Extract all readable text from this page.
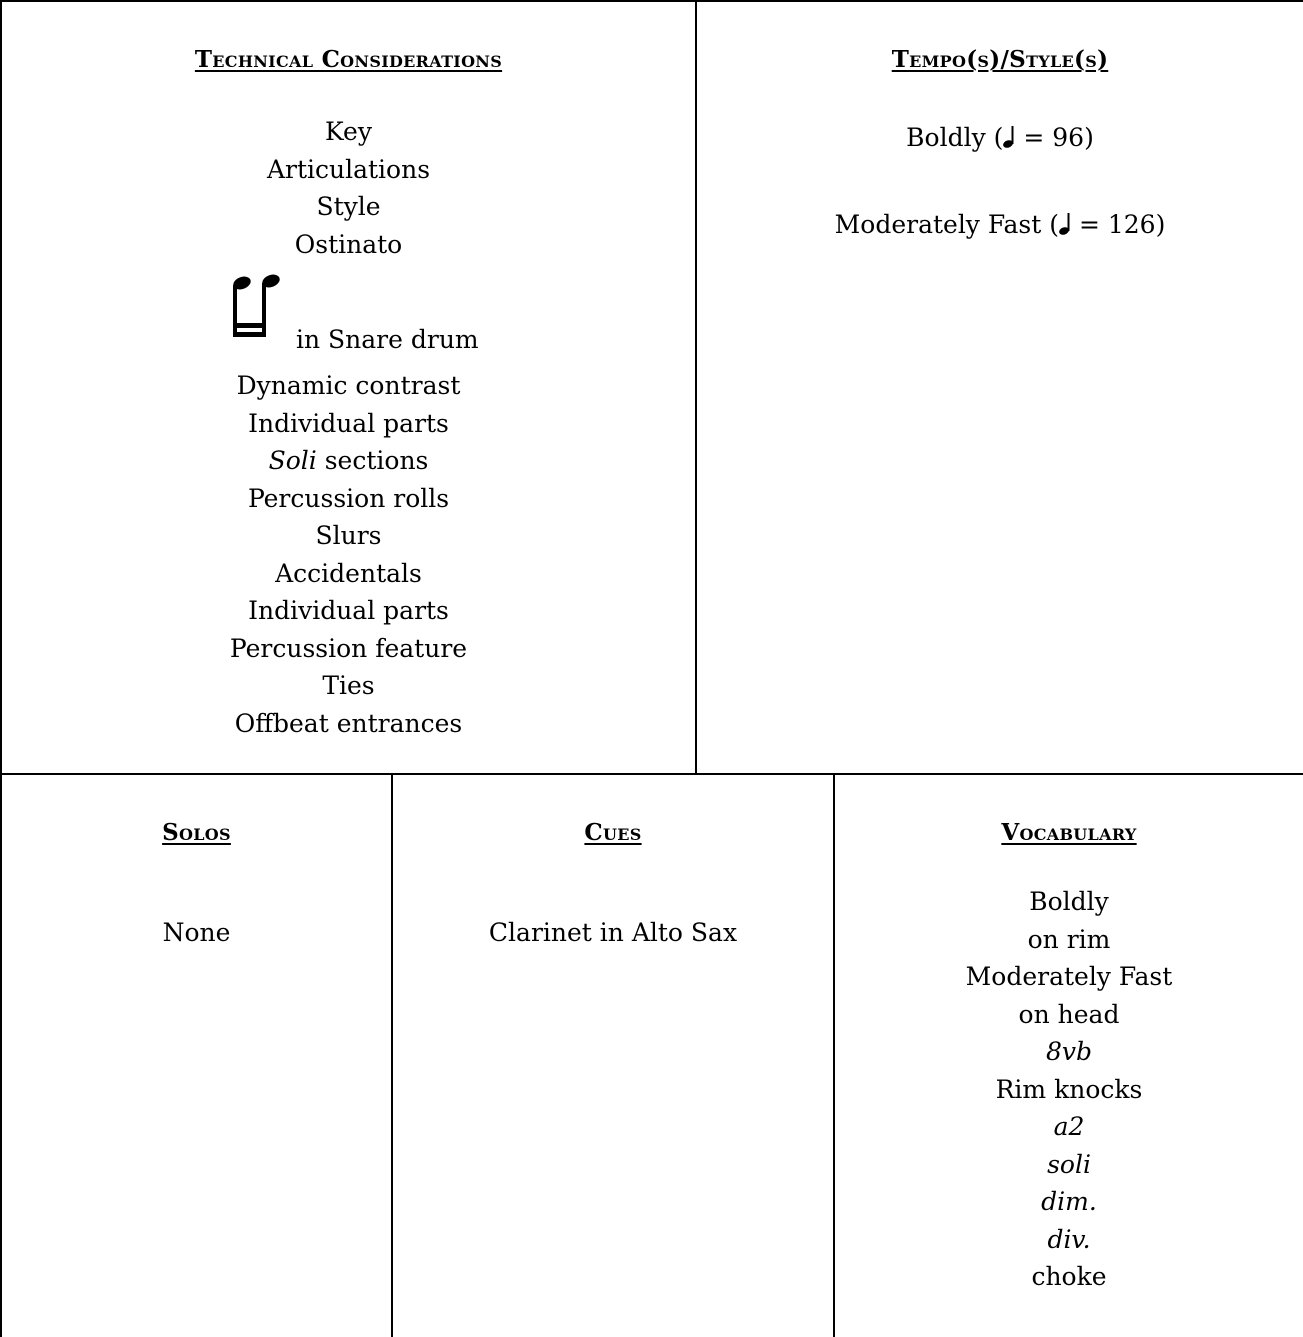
Technical Considerations
Key
Articulations
Style
Ostinato
in Snare drum
Dynamic contrast
Individual parts
Soli sections
Percussion rolls
Slurs
Accidentals
Individual parts
Percussion feature
Ties
Offbeat entrances
Tempo(s)/Style(s)
Boldly ( = 96)
Moderately Fast ( = 126)
Solos
None
Cues
Clarinet in Alto Sax
Vocabulary
Boldly
on rim
Moderately Fast
on head
8vb
Rim knocks
a2
soli
dim.
div.
choke
